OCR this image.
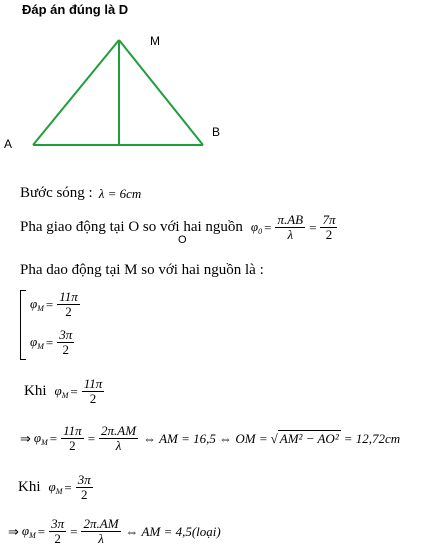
Đáp án đúng là D
M
A
B
O
Bước sóng : λ = 6cm
Pha giao động tại O so với hai nguồn $\varphi_0 = \frac{\pi.AB}{\lambda} = \frac{7\pi}{2}$
Pha dao động tại M so với hai nguồn là :
$\varphi_M = \frac{11\pi}{2}$
$\varphi_M = \frac{3\pi}{2}$
Khi $\varphi_M = \frac{11\pi}{2}$
⇒ $\varphi_M = \frac{11\pi}{2} = \frac{2\pi.AM}{\lambda}$ ⇔ AM = 16,5 ⇔ OM = √ AM² − AO² = 12,72cm
Khi $\varphi_M = \frac{3\pi}{2}$
⇒ $\varphi_M = \frac{3\pi}{2} = \frac{2\pi.AM}{\lambda}$ ⇔ AM = 4,5(loại)
